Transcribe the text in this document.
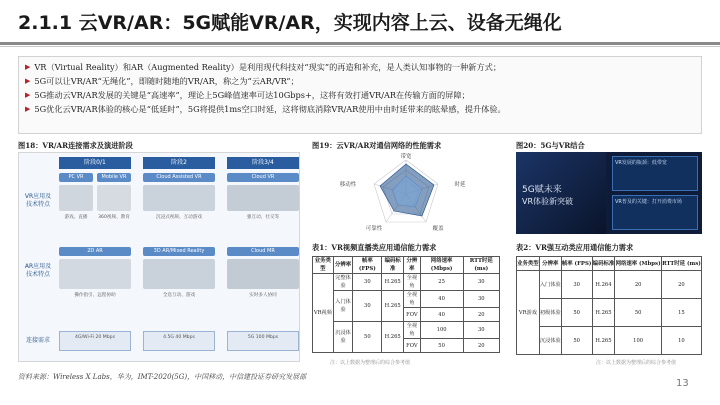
2.1.1 云VR/AR：5G赋能VR/AR，实现内容上云、设备无绳化
▶ VR（Virtual Reality）和AR（Augmented Reality）是利用现代科技对“现实”的再造和补充，是人类认知事物的一种新方式；
▶ 5G可以让VR/AR“无绳化”，即随时随地的VR/AR，称之为“云AR/VR”；
▶ 5G推动云VR/AR发展的关键是“高速率”，理论上5G峰值速率可达10Gbps+，这将有效打通VR/AR在传输方面的屏障；
▶ 5G优化云VR/AR体验的核心是“低延时”，5G将提供1ms空口时延，这将彻底消除VR/AR使用中由时延带来的眩晕感，提升体验。
图18：VR/AR连接需求及演进阶段
阶段0/1	阶段2	阶段3/4
VR应用及技术特点
PC VR	Mobile VR	Cloud Assisted VR	Cloud VR
游戏、直播	360视频、教育	沉浸式视频、互动游戏	强互动、社交等
AR应用及技术特点
2D AR	3D AR/Mixed Reality	Cloud MR
操作指引、远程协助	全息互动、游戏	实时多人协同
连接需求	4G/Wi-Fi 20 Mbps	4.5G 40 Mbps	5G 100 Mbps
图19：云VR/AR对通信网络的性能需求
带宽
移动性	时延
可靠性	覆盖
图20：5G与VR结合
5G赋未来
VR体验新突破
VR发展的瓶颈：低带宽
VR普及的关键：打开消费市场
表1：VR视频直播类应用通信能力需求
业务类型	分辨率	帧率 (FPS)	编码标准	分辨率	网络速率 (Mbps)	RTT时延 (ms)
VR视频	完整体验	30	H.265	全视角	25	30
	入门体验	30	H.265	全视角	40	30
				FOV	40	20
	沉浸体验	50	H.265	全视角	100	30
				FOV	50	20
注：以上数据为整理后的综合参考值
表2：VR强互动类应用通信能力需求
业务类型	分辨率	帧率 (FPS)	编码标准	网络速率 (Mbps)	RTT时延 (ms)
VR游戏	入门体验	30	H.264	20	20
	初级体验	50	H.265	50	15
	沉浸体验	50	H.265	100	10
注：以上数据为整理后的综合参考值
资料来源：Wireless X Labs，华为，IMT-2020(5G)，中国移动，中信建投证券研究发展部
13
